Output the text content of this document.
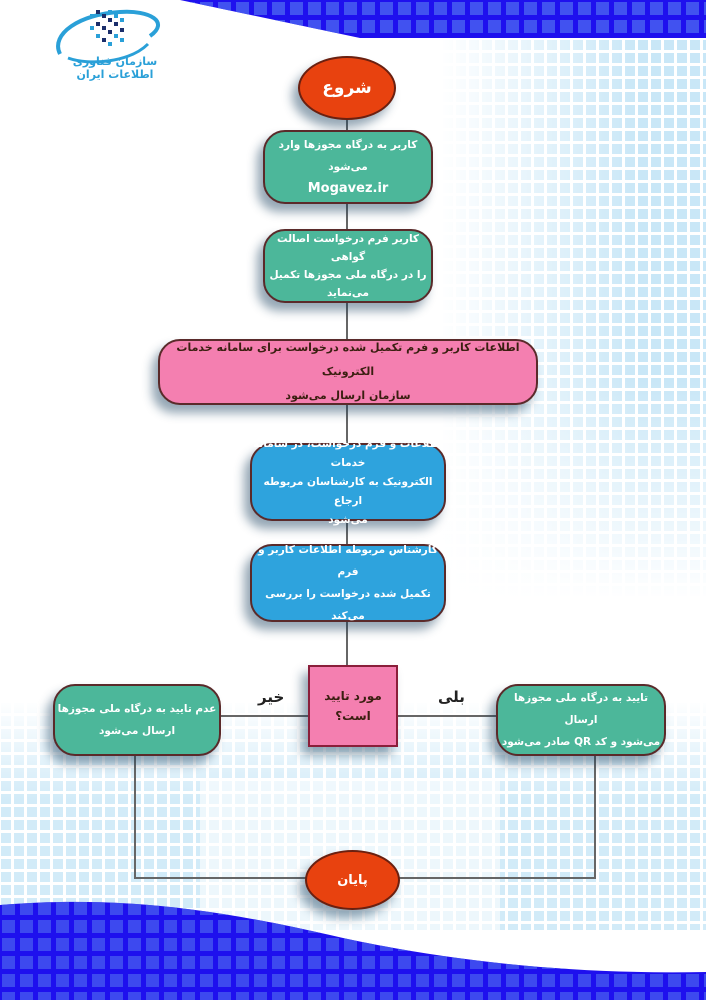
سازمان فناوری اطلاعات ایران
شروع
کاربر به درگاه مجوزها وارد می‌شود
Mogavez.ir
کاربر فرم درخواست اصالت گواهی
را در درگاه ملی مجوزها تکمیل
می‌نماید
اطلاعات کاربر و فرم تکمیل شده درخواست برای سامانه خدمات الکترونیک
سازمان ارسال می‌شود
اطلاعات و فرم درخواست، در سامانه خدمات
الکترونیک به کارشناسان مربوطه ارجاع
می‌شود
کارشناس مربوطه اطلاعات کاربر و فرم
تکمیل شده درخواست را بررسی می‌کند
مورد تایید
است؟
خیر	بلی
عدم تایید به درگاه ملی مجوزها
ارسال می‌شود
تایید به درگاه ملی مجوزها ارسال
می‌شود و کد QR صادر می‌شود
پایان
